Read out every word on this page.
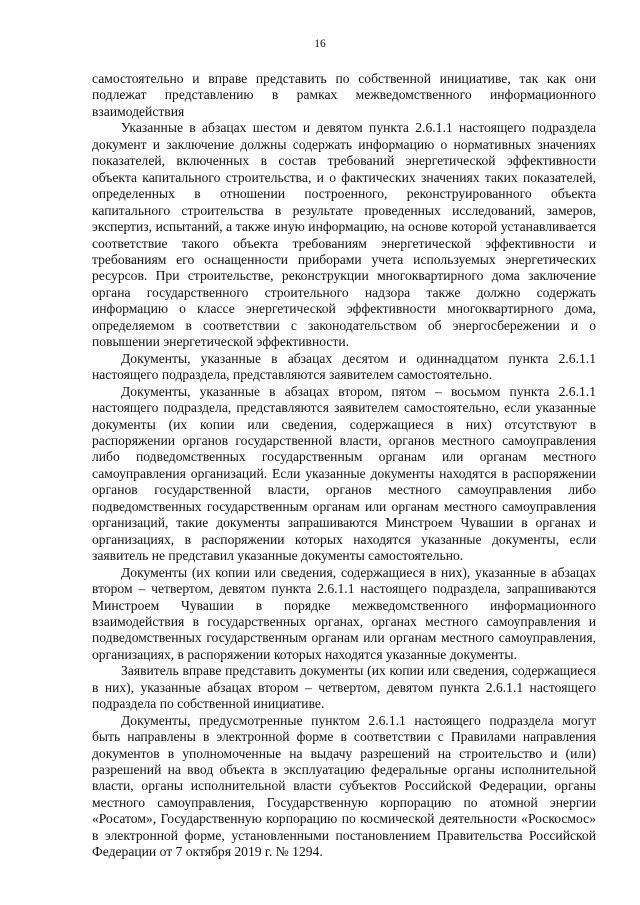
16

самостоятельно и вправе представить по собственной инициативе, так как они подлежат представлению в рамках межведомственного информационного взаимодействия

Указанные в абзацах шестом и девятом пункта 2.6.1.1 настоящего подраздела документ и заключение должны содержать информацию о нормативных значениях показателей, включенных в состав требований энергетической эффективности объекта капитального строительства, и о фактических значениях таких показателей, определенных в отношении построенного, реконструированного объекта капитального строительства в результате проведенных исследований, замеров, экспертиз, испытаний, а также иную информацию, на основе которой устанавливается соответствие такого объекта требованиям энергетической эффективности и требованиям его оснащенности приборами учета используемых энергетических ресурсов. При строительстве, реконструкции многоквартирного дома заключение органа государственного строительного надзора также должно содержать информацию о классе энергетической эффективности многоквартирного дома, определяемом в соответствии с законодательством об энергосбережении и о повышении энергетической эффективности.

Документы, указанные в абзацах десятом и одиннадцатом пункта 2.6.1.1 настоящего подраздела, представляются заявителем самостоятельно.

Документы, указанные в абзацах втором, пятом – восьмом пункта 2.6.1.1 настоящего подраздела, представляются заявителем самостоятельно, если указанные документы (их копии или сведения, содержащиеся в них) отсутствуют в распоряжении органов государственной власти, органов местного самоуправления либо подведомственных государственным органам или органам местного самоуправления организаций. Если указанные документы находятся в распоряжении органов государственной власти, органов местного самоуправления либо подведомственных государственным органам или органам местного самоуправления организаций, такие документы запрашиваются Минстроем Чувашии в органах и организациях, в распоряжении которых находятся указанные документы, если заявитель не представил указанные документы самостоятельно.

Документы (их копии или сведения, содержащиеся в них), указанные в абзацах втором – четвертом, девятом пункта 2.6.1.1 настоящего подраздела, запрашиваются Минстроем Чувашии в порядке межведомственного информационного взаимодействия в государственных органах, органах местного самоуправления и подведомственных государственным органам или органам местного самоуправления, организациях, в распоряжении которых находятся указанные документы.

Заявитель вправе представить документы (их копии или сведения, содержащиеся в них), указанные абзацах втором – четвертом, девятом пункта 2.6.1.1 настоящего подраздела по собственной инициативе.

Документы, предусмотренные пунктом 2.6.1.1 настоящего подраздела могут быть направлены в электронной форме в соответствии с Правилами направления документов в уполномоченные на выдачу разрешений на строительство и (или) разрешений на ввод объекта в эксплуатацию федеральные органы исполнительной власти, органы исполнительной власти субъектов Российской Федерации, органы местного самоуправления, Государственную корпорацию по атомной энергии «Росатом», Государственную корпорацию по космической деятельности «Роскосмос» в электронной форме, установленными постановлением Правительства Российской Федерации от 7 октября 2019 г. № 1294.
